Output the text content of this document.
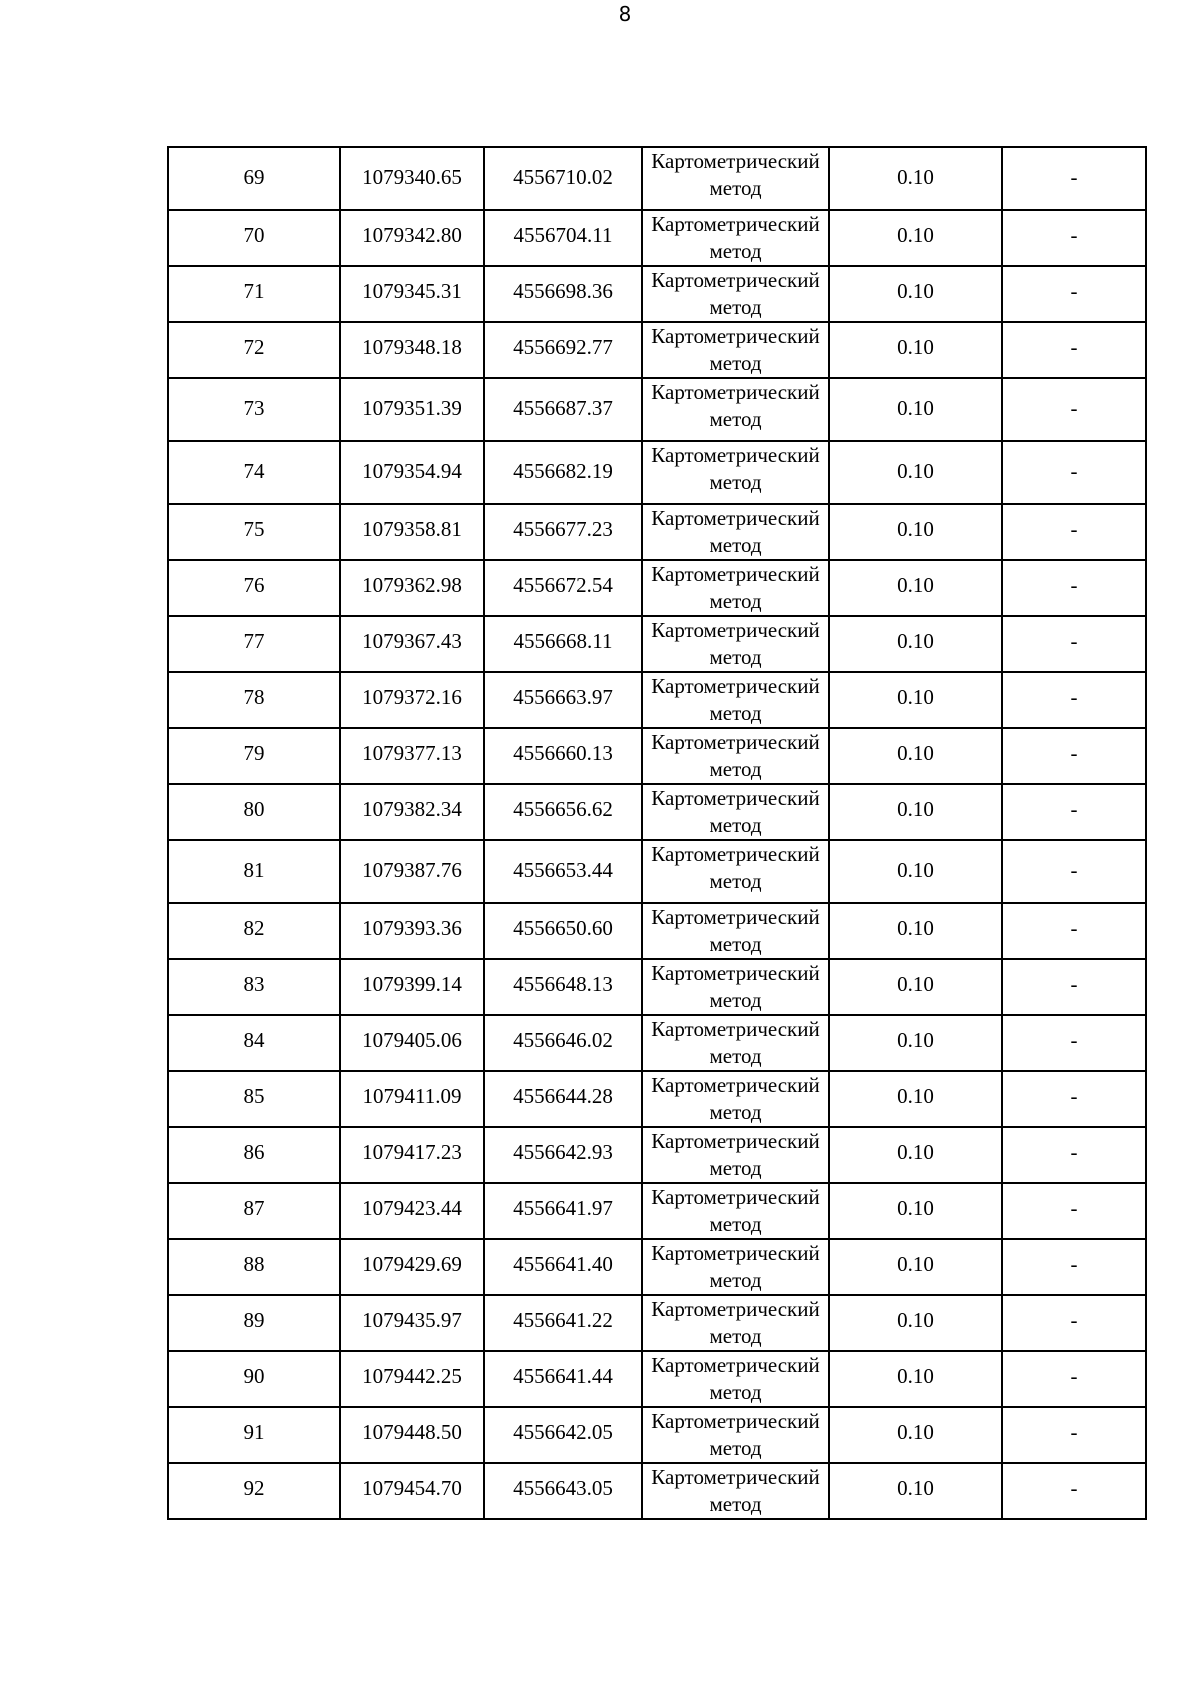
8
69	1079340.65	4556710.02	Картометрический метод	0.10	-
70	1079342.80	4556704.11	Картометрический метод	0.10	-
71	1079345.31	4556698.36	Картометрический метод	0.10	-
72	1079348.18	4556692.77	Картометрический метод	0.10	-
73	1079351.39	4556687.37	Картометрический метод	0.10	-
74	1079354.94	4556682.19	Картометрический метод	0.10	-
75	1079358.81	4556677.23	Картометрический метод	0.10	-
76	1079362.98	4556672.54	Картометрический метод	0.10	-
77	1079367.43	4556668.11	Картометрический метод	0.10	-
78	1079372.16	4556663.97	Картометрический метод	0.10	-
79	1079377.13	4556660.13	Картометрический метод	0.10	-
80	1079382.34	4556656.62	Картометрический метод	0.10	-
81	1079387.76	4556653.44	Картометрический метод	0.10	-
82	1079393.36	4556650.60	Картометрический метод	0.10	-
83	1079399.14	4556648.13	Картометрический метод	0.10	-
84	1079405.06	4556646.02	Картометрический метод	0.10	-
85	1079411.09	4556644.28	Картометрический метод	0.10	-
86	1079417.23	4556642.93	Картометрический метод	0.10	-
87	1079423.44	4556641.97	Картометрический метод	0.10	-
88	1079429.69	4556641.40	Картометрический метод	0.10	-
89	1079435.97	4556641.22	Картометрический метод	0.10	-
90	1079442.25	4556641.44	Картометрический метод	0.10	-
91	1079448.50	4556642.05	Картометрический метод	0.10	-
92	1079454.70	4556643.05	Картометрический метод	0.10	-
